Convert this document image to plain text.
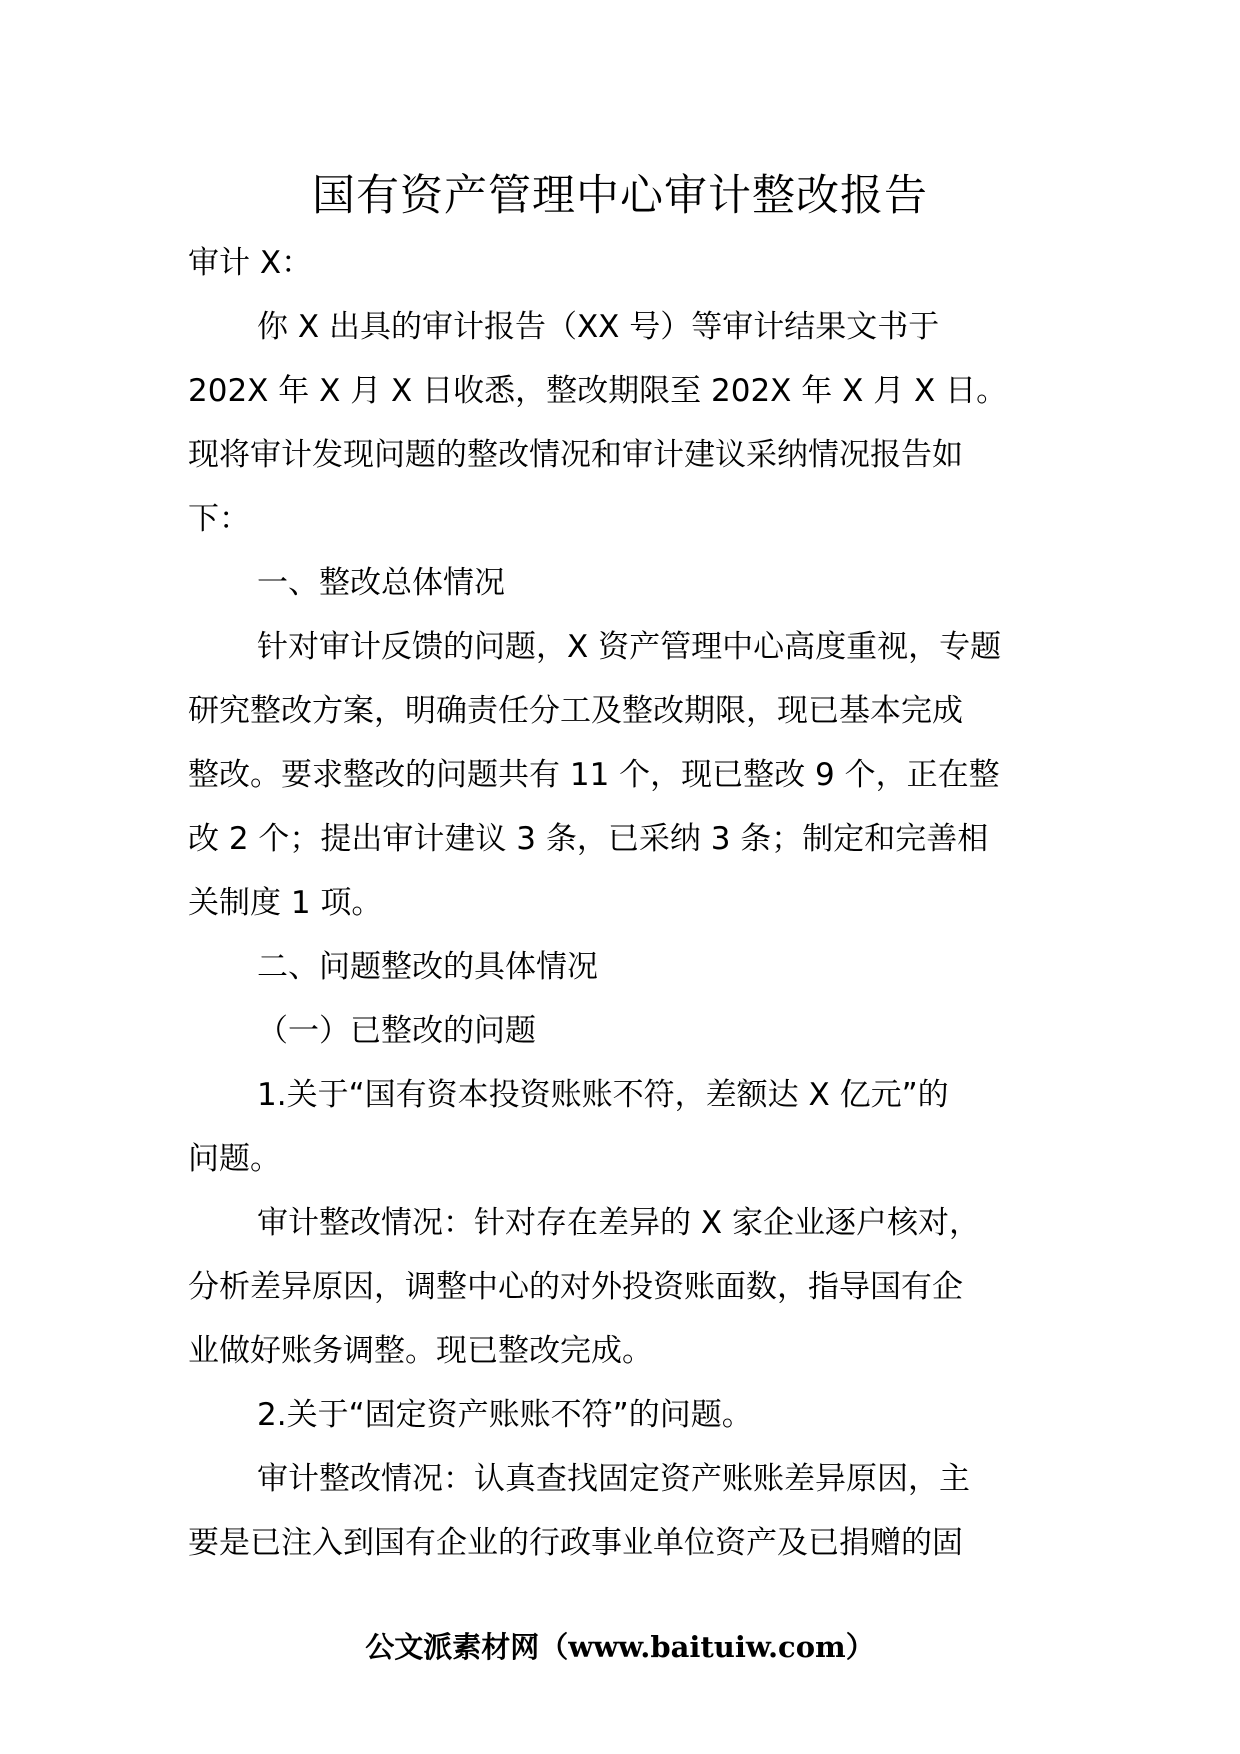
国有资产管理中心审计整改报告
审计 X：
你 X 出具的审计报告（XX 号）等审计结果文书于
202X 年 X 月 X 日收悉，整改期限至 202X 年 X 月 X 日。
现将审计发现问题的整改情况和审计建议采纳情况报告如
下：
一、整改总体情况
针对审计反馈的问题，X 资产管理中心高度重视，专题
研究整改方案，明确责任分工及整改期限，现已基本完成
整改。要求整改的问题共有 11 个，现已整改 9 个，正在整
改 2 个；提出审计建议 3 条，已采纳 3 条；制定和完善相
关制度 1 项。
二、问题整改的具体情况
（一）已整改的问题
1.关于“国有资本投资账账不符，差额达 X 亿元”的
问题。
审计整改情况：针对存在差异的 X 家企业逐户核对，
分析差异原因，调整中心的对外投资账面数，指导国有企
业做好账务调整。现已整改完成。
2.关于“固定资产账账不符”的问题。
审计整改情况：认真查找固定资产账账差异原因，主
要是已注入到国有企业的行政事业单位资产及已捐赠的固
公文派素材网（www.baituiw.com）
